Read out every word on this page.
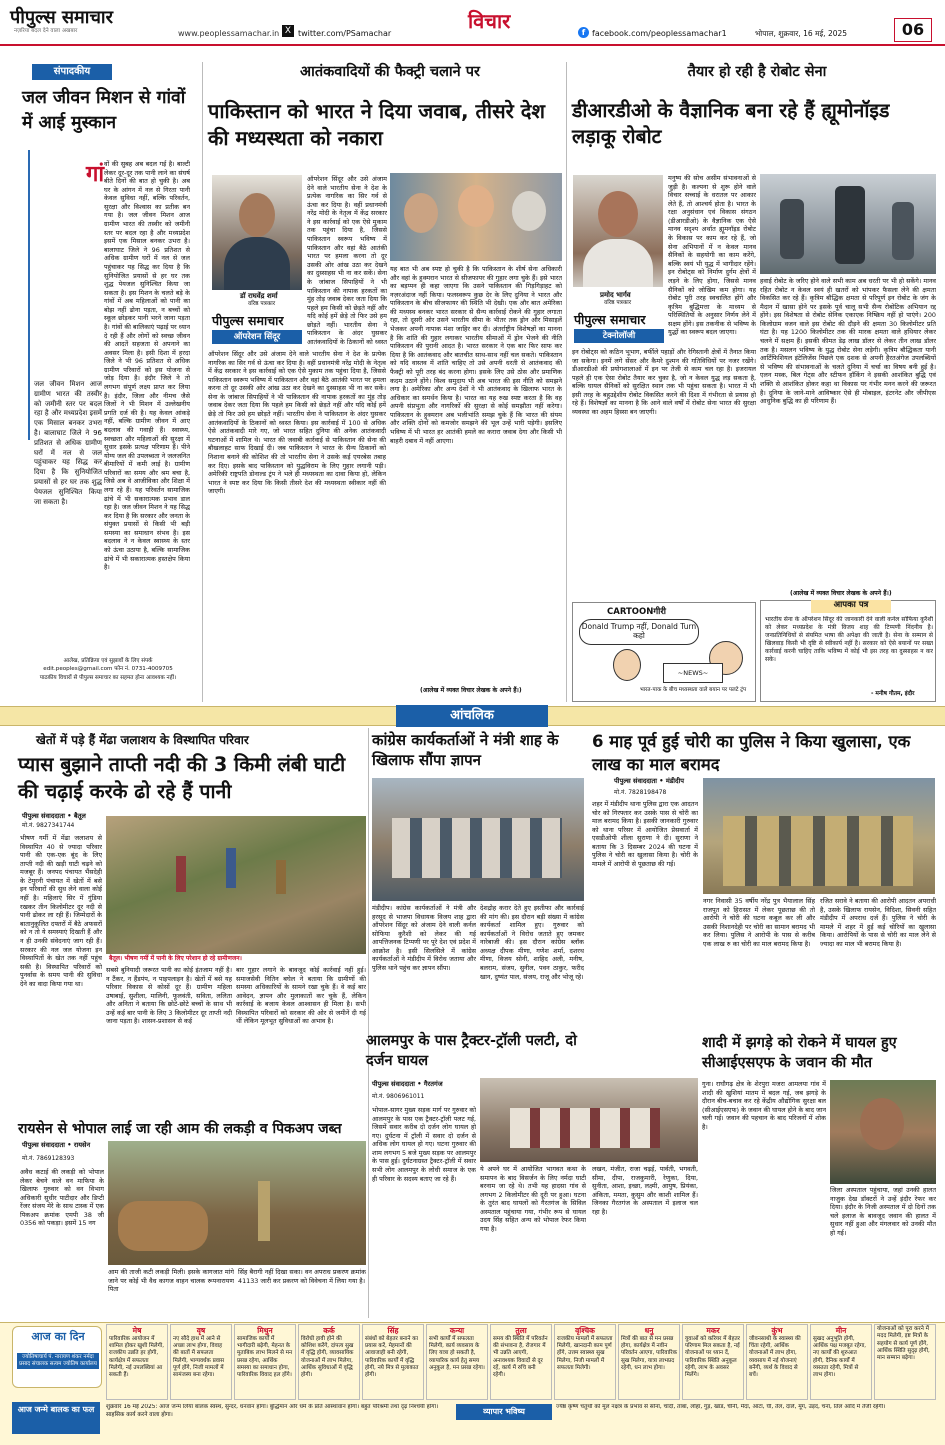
पीपुल्स समाचार
नज़रिया बदल देने वाला अखबार	www.peoplessamachar.in X twitter.com/PSamachar
विचार	f facebook.com/peoplessamachar1	भोपाल, शुक्रवार, 16 मई, 2025	06
संपादकीय
जल जीवन मिशन से गांवों में आई मुस्कान
गां वों की सुबह अब बदल गई है। बाल्टी लेकर दूर-दूर तक पानी लाने का संघर्ष बीते दिनों की बात हो चुकी है। अब घर के आंगन में नल से गिरता पानी केवल सुविधा नहीं, बल्कि परिवर्तन, सुरक्षा और विश्वास का प्रतीक बन गया है। जल जीवन मिशन आज ग्रामीण भारत की तस्वीर को जमीनी स्तर पर बदल रहा है और मध्यप्रदेश इसमें एक मिसाल बनकर उभरा है। बालाघाट जिले ने 96 प्रतिशत से अधिक ग्रामीण घरों में नल से जल पहुंचाकर यह सिद्ध कर दिया है कि सुनियोजित प्रयासों से हर घर तक शुद्ध पेयजल सुनिश्चित किया जा सकता है। इस मिशन के चलते बड़े के गांवों में अब महिलाओं को पानी का बोझ नहीं ढोना पड़ता, न बच्चों को स्कूल छोड़कर पानी भरने जाना पड़ता है। गांवों की बालिकाएं पढ़ाई पर ध्यान दे रही हैं और लोगों को स्वच्छ जीवन की आदतें सहजता से अपनाने का अवसर मिला है। इसी दिशा में हरदा जिले ने भी 96 प्रतिशत से अधिक ग्रामीण परिवारों को इस योजना से जोड़ दिया है। इंदौर जिले ने तो लगभग संपूर्ण लक्ष्य प्राप्त कर लिया है। इंदौर, जिला और नीमच जैसे जिलों ने भी मिशन में उल्लेखनीय प्रगति दर्ज की है। यह केवल आंकड़े नहीं, बल्कि ग्रामीण जीवन में आए बदलाव की गवाही हैं। स्वास्थ्य, स्वच्छता और महिलाओं की सुरक्षा में सुधार इसके प्रत्यक्ष परिणाम हैं। पीने योग्य जल की उपलब्धता ने जलजनित बीमारियों में कमी लाई है। ग्रामीण परिवारों का समय और श्रम बचा है, जिसे अब वे आजीविका और शिक्षा में लगा रहे हैं। यह परिवर्तन सामाजिक ढांचे में भी सकारात्मक प्रभाव डाल रहा है। जल जीवन मिशन ने यह सिद्ध कर दिया है कि सरकार और जनता के संयुक्त प्रयासों से किसी भी बड़ी समस्या का समाधान संभव है। इस बदलाव ने न केवल स्वास्थ्य के स्तर को ऊंचा उठाया है, बल्कि सामाजिक ढांचे में भी सकारात्मक हस्तक्षेप किया है।
जल जीवन मिशन आज ग्रामीण भारत की तस्वीर को जमीनी स्तर पर बदल रहा है और मध्यप्रदेश इसमें एक मिसाल बनकर उभरा है। बालाघाट जिले ने 96 प्रतिशत से अधिक ग्रामीण घरों में नल से जल पहुंचाकर यह सिद्ध कर दिया है कि सुनियोजित प्रयासों से हर घर तक शुद्ध पेयजल सुनिश्चित किया जा सकता है।
आलेख, प्रतिक्रिया एवं सुझावों के लिए संपर्क
edit.peoples@gmail.com फोन नं. 0731-4009705
पाठकीय विचारों से पीपुल्स समाचार का सहमत होना आवश्यक नहीं।
आतंकवादियों की फैक्ट्री चलाने पर
पाकिस्तान को भारत ने दिया जवाब, तीसरे देश की मध्यस्थता को नकारा
डॉ राघवेंद्र शर्मा
वरिष्ठ पत्रकार
पीपुल्स समाचार
ऑपरेशन सिंदूर
ऑपरेशन सिंदूर और उसे अंजाम देने वाले भारतीय सेना ने देश के प्रत्येक नागरिक का सिर गर्व से ऊंचा कर दिया है। वहीं प्रधानमंत्री नरेंद्र मोदी के नेतृत्व में केंद्र सरकार ने इस कार्रवाई को एक ऐसे मुकाम तक पहुंचा दिया है, जिससे पाकिस्तान स्वरूप भविष्य में पाकिस्तान और वहां बैठे आतंकी भारत पर हमला करना तो दूर उसकी ओर आंख उठा कर देखने का दुस्साहस भी ना कर सकें। सेना के जांबाज सिपाहियों ने भी पाकिस्तान की नापाक हरकतों का मुंह तोड़ जवाब देकर जता दिया कि पहले हम किसी को छेड़ते नहीं और यदि कोई हमें छेड़े तो फिर उसे हम छोड़ते नहीं। भारतीय सेना ने पाकिस्तान के अंदर घुसकर आतंकवादियों के ठिकानों को ध्वस्त किया। इस कार्रवाई में 100 से अधिक ऐसे आतंकवादी मारे गए, जो भारत सहित दुनिया की अनेक आतंकवादी घटनाओं में शामिल थे। भारत की जवाबी कार्रवाई से पाकिस्तान की सेना की बौखलाहट साफ दिखाई दी। जब पाकिस्तान ने भारत के सैन्य ठिकानों को निशाना बनाने की कोशिश की तो भारतीय सेना ने उसके कई एयरबेस तबाह कर दिए। इसके बाद पाकिस्तान को युद्धविराम के लिए गुहार लगानी पड़ी। अमेरिकी राष्ट्रपति डोनाल्ड ट्रंप ने भले ही मध्यस्थता का दावा किया हो, लेकिन भारत ने स्पष्ट कर दिया कि किसी तीसरे देश की मध्यस्थता स्वीकार नहीं की जाएगी।
ऑपरेशन सिंदूर और उसे अंजाम देने वाले भारतीय सेना ने देश के प्रत्येक नागरिक का सिर गर्व से ऊंचा कर दिया है। वहीं प्रधानमंत्री नरेंद्र मोदी के नेतृत्व में केंद्र सरकार ने इस कार्रवाई को एक ऐसे मुकाम तक पहुंचा दिया है, जिससे पाकिस्तान स्वरूप भविष्य में पाकिस्तान और वहां बैठे आतंकी भारत पर हमला करना तो दूर उसकी ओर आंख उठा कर देखने का दुस्साहस भी ना कर सकें। सेना के जांबाज सिपाहियों ने भी पाकिस्तान की नापाक हरकतों का मुंह तोड़ जवाब देकर जता दिया कि पहले हम किसी को छेड़ते नहीं और यदि कोई हमें छेड़े तो फिर उसे हम छोड़ते नहीं। भारतीय सेना ने पाकिस्तान के अंदर घुसकर आतंकवादियों के ठिकानों को ध्वस्त
यह बात भी अब स्पष्ट हो चुकी है कि पाकिस्तान के शीर्ष सेना अधिकारी और वहां के हुक्मरान भारत से सीजफायर की गुहार लगा चुके हैं। इसे भारत का बड़प्पन ही कहा जाएगा कि उसने पाकिस्तान की गिड़गिड़ाहट को नज़रअंदाज नहीं किया। फलस्वरूप कुछ देर के लिए दुनिया ने भारत और पाकिस्तान के बीच सीजफायर की स्थिति भी देखी। एक और बात अमेरिका की मध्यस्थ बनकर भारत सरकार से सैन्य कार्रवाई रोकने की गुहार लगाता रहा, तो दूसरी ओर उसने भारतीय सीमा के भीतर तक ड्रोन और मिसाइलें भेजकर अपनी नापाक मंशा जाहिर कर दी। अंतर्राष्ट्रीय विशेषज्ञों का मानना है कि शांति की गुहार लगाकर भारतीय सीमाओं में ड्रोन भेजने की नीति पाकिस्तान की पुरानी आदत है। भारत सरकार ने एक बार फिर साफ कर दिया है कि आतंकवाद और बातचीत साथ-साथ नहीं चल सकते। पाकिस्तान को यदि वास्तव में शांति चाहिए तो उसे अपनी धरती से आतंकवाद की फैक्ट्री को पूरी तरह बंद करना होगा। इसके लिए उसे ठोस और प्रमाणिक कदम उठाने होंगे। विश्व समुदाय भी अब भारत की इस नीति को समझने लगा है। अमेरिका और अन्य देशों ने भी आतंकवाद के खिलाफ भारत के अधिकार का समर्थन किया है। भारत का यह रुख स्पष्ट करता है कि वह अपनी संप्रभुता और नागरिकों की सुरक्षा से कोई समझौता नहीं करेगा। पाकिस्तान के हुक्मरान अब भलीभांति समझ चुके हैं कि भारत की संयम और शक्ति दोनों को कमजोर समझने की भूल उन्हें भारी पड़ेगी। इसलिए भविष्य में भी भारत हर आतंकी हमले का करारा जवाब देगा और किसी भी बाहरी दबाव में नहीं आएगा।
(आलेख में व्यक्त विचार लेखक के अपने हैं।)
तैयार हो रही है रोबोट सेना
डीआरडीओ के वैज्ञानिक बना रहे हैं ह्यूमोनॉइड लड़ाकू रोबोट
प्रमोद भार्गव
वरिष्ठ पत्रकार
पीपुल्स समाचार
टेक्नोलॉजी
मनुष्य की सोच असीम संभावनाओं से जुड़ी है। कल्पना से शुरू होने वाले विचार सच्चाई के धरातल पर आकार लेते हैं, तो आश्चर्य होता है। भारत के रक्षा अनुसंधान एवं विकास संगठन (डीआरडीओ) के वैज्ञानिक एक ऐसे मानव सदृश्य अर्थात ह्यूमनॉइड रोबोट के विकास पर काम कर रहे हैं, जो सेना अभियानों में न केवल मानव सैनिकों के सहयोगी का काम करेंगे, बल्कि स्वयं भी युद्ध में भागीदार रहेंगे। इन रोबोट्स को निर्माण दुर्गम क्षेत्रों में लड़ने के लिए होगा, जिससे मानव सैनिकों को जोखिम कम होगा। यह रोबोट पूरी तरह स्वचालित होंगे और कृत्रिम बुद्धिमत्ता के माध्यम से परिस्थितियों के अनुसार निर्णय लेने में सक्षम होंगे। इस तकनीक से भविष्य के युद्धों का स्वरूप बदल जाएगा।
इन रोबोट्स को कठिन भूभाग, बर्फीले पहाड़ों और रेगिस्तानी क्षेत्रों में तैनात किया जा सकेगा। इनमें लगे सेंसर और कैमरे दुश्मन की गतिविधियों पर नजर रखेंगे। डीआरडीओ की प्रयोगशालाओं में इन पर तेजी से काम चल रहा है। इजरायल पहले ही एक ऐसा रोबोट तैयार कर चुका है, जो न केवल युद्ध लड़ सकता है, बल्कि घायल सैनिकों को सुरक्षित स्थान तक भी पहुंचा सकता है। भारत में भी इसी तरह के बहुउद्देशीय रोबोट विकसित करने की दिशा में गंभीरता से प्रयास हो रहे हैं। विशेषज्ञों का मानना है कि आने वाले वर्षों में रोबोट सेना भारत की सुरक्षा व्यवस्था का अहम हिस्सा बन जाएगी।
हवाई रोबोट के जरिए होने वाले सभी काम अब धरती पर भी हो सकेंगे। मानव रहित रोबोट न केवल स्वयं ही खतरों को भांपकर फैसला लेने की क्षमता विकसित कर रहे हैं। कृत्रिम बौद्धिक क्षमता से परिपूर्ण इन रोबोट के जंग के मैदान में खासा होने पर इसके पूर्व चालू सभी सैन्य रोबोटिक अभियान रद्द होंगे। इस विशेषता से रोबोट सेनिक एकाएक निष्क्रिय नहीं हो पाएंगे। 200 किलोग्राम वजन वाले इस रोबोट की दौड़ने की क्षमता 30 किलोमीटर प्रति घंटा है। यह 1200 किलोमीटर तक की मारक क्षमता वाले हथियार लेकर चलने में सक्षम हैं। इसकी कीमत डेढ़ लाख डॉलर से लेकर तीन लाख डॉलर तक है। मसलन भविष्य के युद्ध रोबोट सेना लड़ेगी। कृत्रिम बौद्धिकता यानी आर्टिफिशियल इंटेलिजेंस पिछले एक दशक से अपनी हैरतअंगेज उपलब्धियों से भविष्य की संभावनाओं के चलते दुनिया में चर्चा का विषय बनी हुई है। एलन मस्क, बिल गेट्स और स्टीफन हॉकिंग ने इसकी आशंकित बुद्धि एवं शक्ति से आशंकित होकर कहा था विकास पर गंभीर मनन करने की जरूरत है। दुनिया के जाने-माने आविष्कार ऐसे ही मोबाइल, इंटरनेट और जीपीएस आधुनिक बुद्धि का ही परिणाम हैं।
(आलेख में व्यक्त विचार लेखक के अपने हैं।)
CARTOONगीरी
Donald Trump नहीं, Donald Turn कहो
~NEWS~
भारत-पाक के बीच मध्यस्थता वाले बयान पर पलटे ट्रंप
आपका पत्र
भारतीय सेना के ऑपरेशन सिंदूर की जानकारी देने वाली कर्नल सोफिया कुरैशी को लेकर मध्यप्रदेश के मंत्री विजय शाह की टिप्पणी निंदनीय है। जनप्रतिनिधियों से संयमित भाषा की अपेक्षा की जाती है। सेना के सम्मान से खिलवाड़ किसी भी दृष्टि से स्वीकार्य नहीं है। सरकार को ऐसे बयानों पर सख्त कार्रवाई करनी चाहिए ताकि भविष्य में कोई भी इस तरह का दुस्साहस न कर सके।
- मनीष गौतम, इंदौर
आंचलिक
खेतों में पड़े हैं मेंढा जलाशय के विस्थापित परिवार
प्यास बुझाने ताप्ती नदी की 3 किमी लंबी घाटी की चढ़ाई करके ढो रहे हैं पानी
पीपुल्स संवाददाता • बैतूल
मो.नं. 9827341744
भीषण गर्मी में मेंढा जलाशय से विस्थापित 40 से ज्यादा परिवार पानी की एक-एक बूंद के लिए ताप्ती नदी की खड़ी घाटी चढ़ने को मजबूर हैं। जनपद पंचायत भैंसदेही के टेमुरनी पंचायत में खेतों में बसे इन परिवारों की सुध लेने वाला कोई नहीं है। महिलाएं सिर में गुंडिया रखकर तीन किलोमीटर दूर नदी से पानी ढोकर ला रही हैं। जिम्मेदारों के बातानुकूलित दफ्तरों में बैठे अफसरों को न तो ये समस्याएं दिखती हैं और न ही उनकी संवेदनाएं जाग रही हैं। सरकार की नल जल योजना इन विस्थापितों के खेत तक नहीं पहुंच सकी है। विस्थापित परिवारों को पुनर्वास के समय पानी की सुविधा देने का वादा किया गया था।
बैतूल। भीषण गर्मी में पानी के लिए परेशान हो रहे ग्रामीणजन।
सबसे बुनियादी जरूरत पानी का कोई इंतजाम नहीं है। न टैंकर, न हैंडपंप, न पाइपलाइन है। खेतों में बसे यह परिवार विकास से कोसों दूर हैं। ग्रामीण महिला उषाबाई, सुशीला, मालिनी, फूलवंती, सविता, ललिता और अनिता ने बताया कि छोटे-छोटे बच्चों के साथ भी उन्हें कई बार पानी के लिए 3 किलोमीटर दूर ताप्ती नदी जाना पड़ता है। शासन-प्रशासन से कई
बार गुहार लगाने के बावजूद कोई कार्रवाई नहीं हुई। समाजसेवी नितिन बघेल ने बताया कि ग्रामीणों की समस्या अधिकारियों के सामने रखा चुके हैं। वे कई बार आवेदन, ज्ञापन और मुलाकातों कर चुके हैं, लेकिन कार्रवाई के बजाय केवल आश्वासन ही मिला है। सभी विस्थापित परिवारों को सरकार की ओर से जमीनें दी गई थीं लेकिन मूलभूत सुविधाओं का अभाव है।
रायसेन से भोपाल लाई जा रही आम की लकड़ी व पिकअप जब्त
पीपुल्स संवाददाता • रायसेन
मो.नं. 7869128393
अवैध कटाई की लकड़ी को भोपाल लेकर बेचने वाले वन माफिया के खिलाफ गुरुवार को वन विभाग अधिकारी सुधीर पाटीदार और डिप्टी रेंजर संजय मेरे के साथ टास्क में एक पिकअप क्रमांक एमपी 38 जी 0356 को पकड़ा। इसमें 15 नग
आम की ताजी कटी लकड़ी मिली। इसके कागजात मांगे जाने पर कोई भी वैध कागज वाहन चालक रूपनारायण पिता
सिंह बैरागी नहीं दिखा सका। वन अपराध प्रकरण क्रमांक 41133 जारी कर प्रकरण को विवेचना में लिया गया है।
कांग्रेस कार्यकर्ताओं ने मंत्री शाह के खिलाफ सौंपा ज्ञापन
मंडीदीप। कांग्रेस कार्यकर्ताओं ने मंत्री और हरसूद से भाजपा विधायक विजय शाह द्वारा ऑपरेशन सिंदूर को अंजाम देने वाली कर्नल सोफिया कुरैशी को लेकर की गई आपत्तिजनक टिप्पणी पर पूरे देश एवं प्रदेश में आक्रोश है। इसी सिलसिले में कांग्रेस कार्यकर्ताओं ने मंडीदीप में विरोध जताया और पुलिस थाने पहुंच कर ज्ञापन सौंपा।
देशद्रोह करार देते हुए इस्तीफा और कार्रवाई की मांग की। इस दौरान बड़ी संख्या में कांग्रेस कार्यकर्ता शामिल हुए। गुरुवार को कार्यकर्ताओं ने विरोध जताते हुए जमकर नारेबाजी की। इस दौरान कांग्रेस ब्लॉक अध्यक्ष दीपक मीणा, गणेश शर्मा, दशरथ मीणा, विजय सोनी, शाहिद अली, मनीष, बलराम, संजय, सुनील, पवन ठाकुर, फरीद खान, दुष्यंत पाल, संजय, राजू और भोजू रहे।
6 माह पूर्व हुई चोरी का पुलिस ने किया खुलासा, एक लाख का माल बरामद
पीपुल्स संवाददाता • मंडीदीप
मो.नं. 7828198478
शहर में मंडीदीप थाना पुलिस द्वारा एक आदतन चोर को गिरफ्तार कर उसके पास से चोरी का माल बरामद किया है। इसकी जानकारी गुरुवार को थाना परिसर में आयोजित प्रेसवार्ता में एसडीओपी शीला सुराणा ने दी। सुराणा ने बताया कि 3 दिसम्बर 2024 की घटना में पुलिस ने चोरी का खुलासा किया है। चोरी के मामले में आरोपी से पूछताछ की गई।
नगर निवासी 35 वर्षीय नरेंद्र पुत्र भैयालाल सिंह राजपूत को हिरासत में लेकर पूछताछ की तो आरोपी ने चोरी की घटना कबूल कर ली और उसकी निशानदेही पर चोरी का सामान बरामद भी कर लिया। पुलिस ने आरोपी के पास से करीब एक लाख रु का चोरी का माल बरामद किया है।
रजित सरावे ने बताया की आरोपी आदतन अपराधी है, उसके खिलाफ रायसेन, विदिशा, सिवनी सहित मंडीदीप में अपराध दर्ज हैं। पुलिस ने चोरी के मामले में शहर में हुई कई चोरियों का खुलासा किया। आरोपियों के पास से चोरी का माल लेने से ज्यादा का माल भी बरामद किया है।
आलमपुर के पास ट्रैक्टर-ट्रॉली पलटी, दो दर्जन घायल
पीपुल्स संवाददाता • गैरतगंज
मो.नं. 9806961011
भोपाल-सागर मुख्य सड़क मार्ग पर गुरुवार को आलमपुर के पास एक ट्रैक्टर-ट्रॉली पलट गई, जिसमें सवार करीब दो दर्जन लोग घायल हो गए। दुर्घटना में ट्रॉली में सवार दो दर्जन से अधिक लोग घायल हो गए। घटना गुरुवार की शाम लगभग 5 बजे मुख्य सड़क पर आलमपुर के पास हुई। दुर्घटनाग्रस्त ट्रैक्टर-ट्रॉली में सवार सभी लोग आलमपुर के लोधी समाज के एक ही परिवार के सदस्य बताए जा रहे हैं।
ये अपने घर में आयोजित भागवत कथा के समापन के बाद विसर्जन के लिए नर्मदा घाटी बरनाम जा रहे थे। तभी यह हादसा गांव से लगभग 2 किलोमीटर की दूरी पर हुआ। घटना के तुरंत बाद घायलों को गैरतगंज के सिविल अस्पताल पहुंचाया गया, गंभीर रूप से घायल उदय सिंह सहित अन्य को भोपाल रेफर किया गया है।
लखन, मंजीत, राजा चढ़ई, पार्वती, भगवती, सीमा, दीपा, राजकुमारी, रेणुका, दिया, सुनीता, आशा, इच्छा, लक्ष्मी, आयुष, प्रियंका, अंकिता, ममता, कुसुम और काशी शामिल हैं। जिनका गैरतगंज के अस्पताल में इलाज चल रहा है।
शादी में झगड़े को रोकने में घायल हुए सीआईएसएफ के जवान की मौत
गुना। राघौगढ़ क्षेत्र के शेरपुरा मजरा आमलया गांव में शादी की खुशियां मातम में बदल गई, जब झगड़े के दौरान बीच-बचाव कर रहे केंद्रीय औद्योगिक सुरक्षा बल (सीआईएसएफ) के जवान की घायल होने के बाद जान चली गई। जवान की पहचान के बाद परिजनों में शोक है।
जिला अस्पताल पहुंचाया, जहां उनकी हालत नाजुक देख डॉक्टरों ने उन्हें इंदौर रेफर कर दिया। इंदौर के निजी अस्पताल में दो दिनों तक चले इलाज के बावजूद जवान की हालत में सुधार नहीं हुआ और मंगलवार को उनकी मौत हो गई।
आज का दिन
ज्योतिषाचार्य पं. नारायण शंकर नर्मदा प्रसाद संचालक सत्यम ज्योतिष कार्यालय
मेष
पारिवारिक आयोजन में शामिल होकर खुशी मिलेगी, राजकीय उन्नति हर होगी, कार्यक्षेत्र में सफलता मिलेगी, नई उपलब्धियां आ सकती हैं।
वृष
नए सौदे हाथ में आने से अच्छा लाभ होगा, विवाह की बातों में सफलता मिलेगी, भाग्यवर्धक प्रवास पूर्ण होंगे, निजी मामलों में सामंजस्य बना रहेगा।
मिथुन
सामाजिक कार्यों में भागीदारी बढ़ेगी, मेहनत के मुताबिक लाभ मिलने से मन प्रसन्न रहेगा, आर्थिक समस्या का समाधान होगा, पारिवारिक विवाद हल होंगे।
कर्क
विरोधी हावी होने की कोशिश करेंगे, दांपत्य सुख में वृद्धि होगी, व्यावसायिक योजनाओं में लाभ मिलेगा, आर्थिक सुविधाओं में वृद्धि होगी।
सिंह
संबंधों को बेहतर बनाने का प्रयास करें, मेहमानों की आवाजाही बनी रहेगी, पारिवारिक कार्यों में वृद्धि होगी, नये मित्र से मुलाकात होगी।
कन्या
सभी कार्यों में सफलता मिलेगी, कार्य व्यवसाय के लिए यात्रा हो सकती है, व्यापारिक कार्य हेतु समय अनुकूल है, मन प्रसन्न रहेगा।
तुला
समय की स्थिति में परिवर्तन की संभावना है, रोजगार में भी उन्नति आएगी, अनावश्यक विवादों से दूर रहें, कार्य में रुचि बनी रहेगी।
वृश्चिक
राजकीय मामलों में सफलता मिलेगी, खानदानी काम पूर्ण होंगे, उत्तम स्वास्थ्य सुख मिलेगा, निजी मामलों में सफलता मिलेगी।
धनु
मित्रों की बात से मन प्रसन्न होगा, कार्यक्षेत्र में नवीन परिवर्तन आएगा, पारिवारिक सुख मिलेगा, यात्रा लाभप्रद रहेगी, धन लाभ होगा।
मकर
युवाओं को करियर में बेहतर परिणाम मिल सकता है, नई योजनाओं पर ध्यान दें, पारिवारिक स्थिति अनुकूल रहेगी, लाभ के अवसर मिलेंगे।
कुंभ
जीवनसाथी के स्वास्थ्य की चिंता रहेगी, आर्थिक योजनाओं में लाभ होगा, व्यवसाय में नई योजनाएं बनेंगी, व्यर्थ के विवाद से बचें।
मीन
सुखद अनुभूति होगी, आर्थिक पक्ष मजबूत रहेगा, नए कार्यों की शुरुआत होगी, दैनिक कार्यों में व्यस्तता रहेगी, मित्रों से लाभ होगा।
योजनाओं को पूरा करने में मदद मिलेगी, इष्ट मित्रों के सहयोग से कार्य पूर्ण होंगे, आर्थिक स्थिति सुदृढ़ होगी, मान सम्मान बढ़ेगा।
आज जन्मे बालक का फल	शुक्रवार 16 मई 2025: आज जन्म लिया बालक स्वस्थ, सुन्दर, धनवान होगा। बुद्धिमान और धर्म के प्रति आस्थावान होगा। बहुत परिश्रमी तथा दृढ़ निश्चयी होगा। साहसिक कार्य करने वाला होगा।	व्यापार भविष्य	ज्येष्ठ कृष्ण चतुर्थी को मूल नक्षत्र के प्रभाव से सोना, चांदी, तांबा, लोहा, गुड़, खांड, चीनी, मैदा, आटा, घी, तेल, दालें, मूंग, उड़द, चना, तिल आदि में तेजी रहेगी।
